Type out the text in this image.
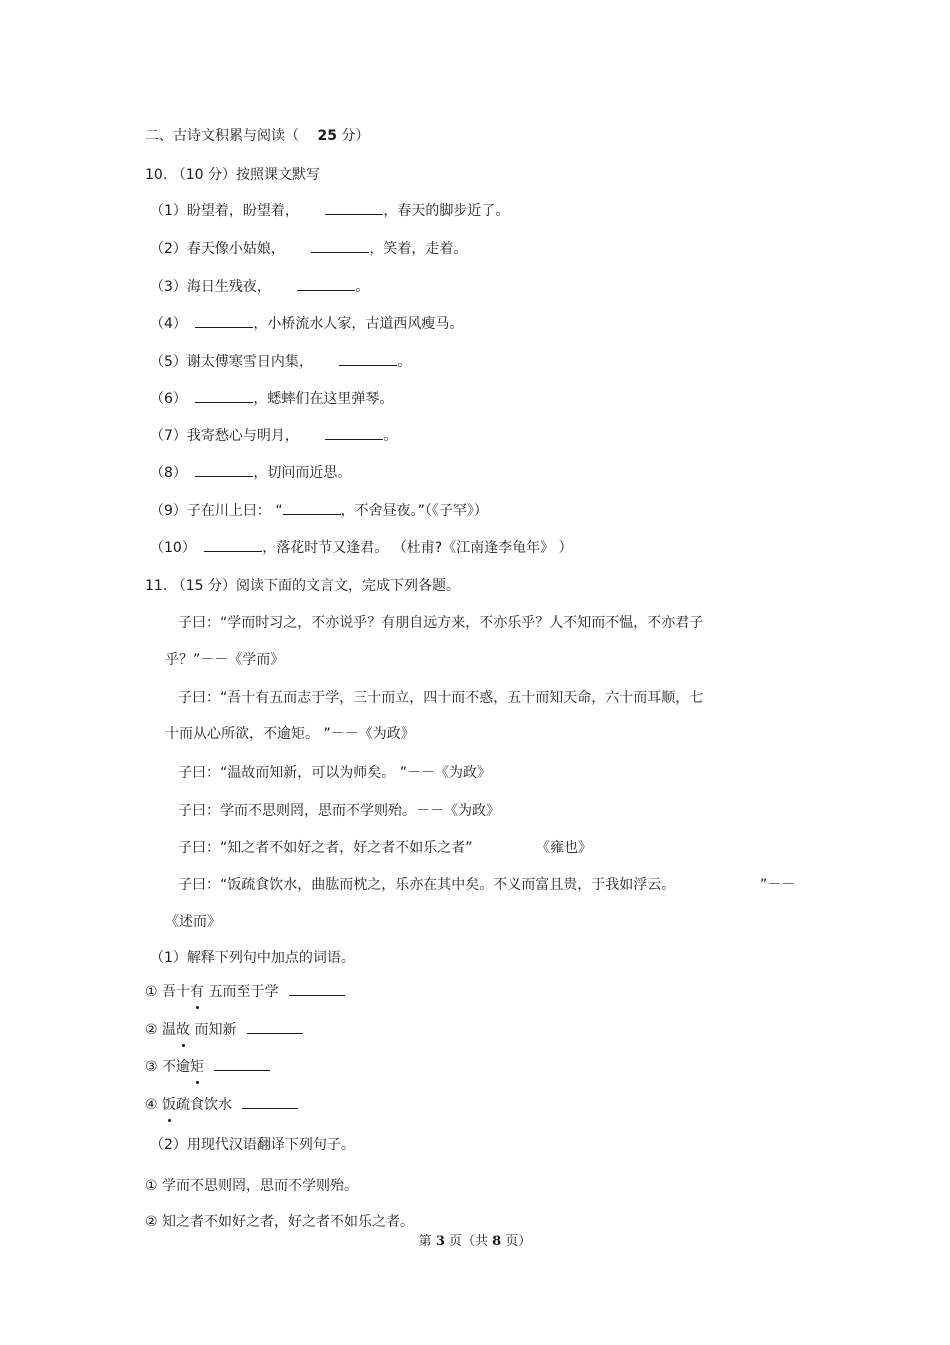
二、古诗文积累与阅读（ 25 分）
10. （10 分）按照课文默写
（1）盼望着，盼望着，	，春天的脚步近了。
（2）春天像小姑娘，	，笑着，走着。
（3）海日生残夜，	。
（4）	，小桥流水人家，古道西风瘦马。
（5）谢太傅寒雪日内集，	。
（6）	，蟋蟀们在这里弹琴。
（7）我寄愁心与明月，	。
（8）	，切问而近思。
（9）子在川上曰： “	，不舍昼夜。”（《子罕》）
（10）	，落花时节又逢君。 （杜甫?《江南逢李龟年》 ）
11. （15 分）阅读下面的文言文，完成下列各题。
子曰：“学而时习之，不亦说乎？有朋自远方来，不亦乐乎？人不知而不愠，不亦君子
乎？”－－《学而》
子曰：“吾十有五而志于学，三十而立，四十而不惑，五十而知天命，六十而耳顺，七
十而从心所欲，不逾矩。 ”－－《为政》
子曰：“温故而知新，可以为师矣。 ”－－《为政》
子曰：学而不思则罔，思而不学则殆。－－《为政》
子曰：“知之者不如好之者，好之者不如乐之者”	《雍也》
子曰：“饭疏食饮水，曲肱而枕之，乐亦在其中矣。不义而富且贵，于我如浮云。	”－－
《述而》
（1）解释下列句中加点的词语。
① 吾十有 五而至于学
② 温故 而知新
③ 不逾矩
④ 饭疏食饮水
（2）用现代汉语翻译下列句子。
① 学而不思则罔，思而不学则殆。
② 知之者不如好之者，好之者不如乐之者。
第 3 页（共 8 页）
